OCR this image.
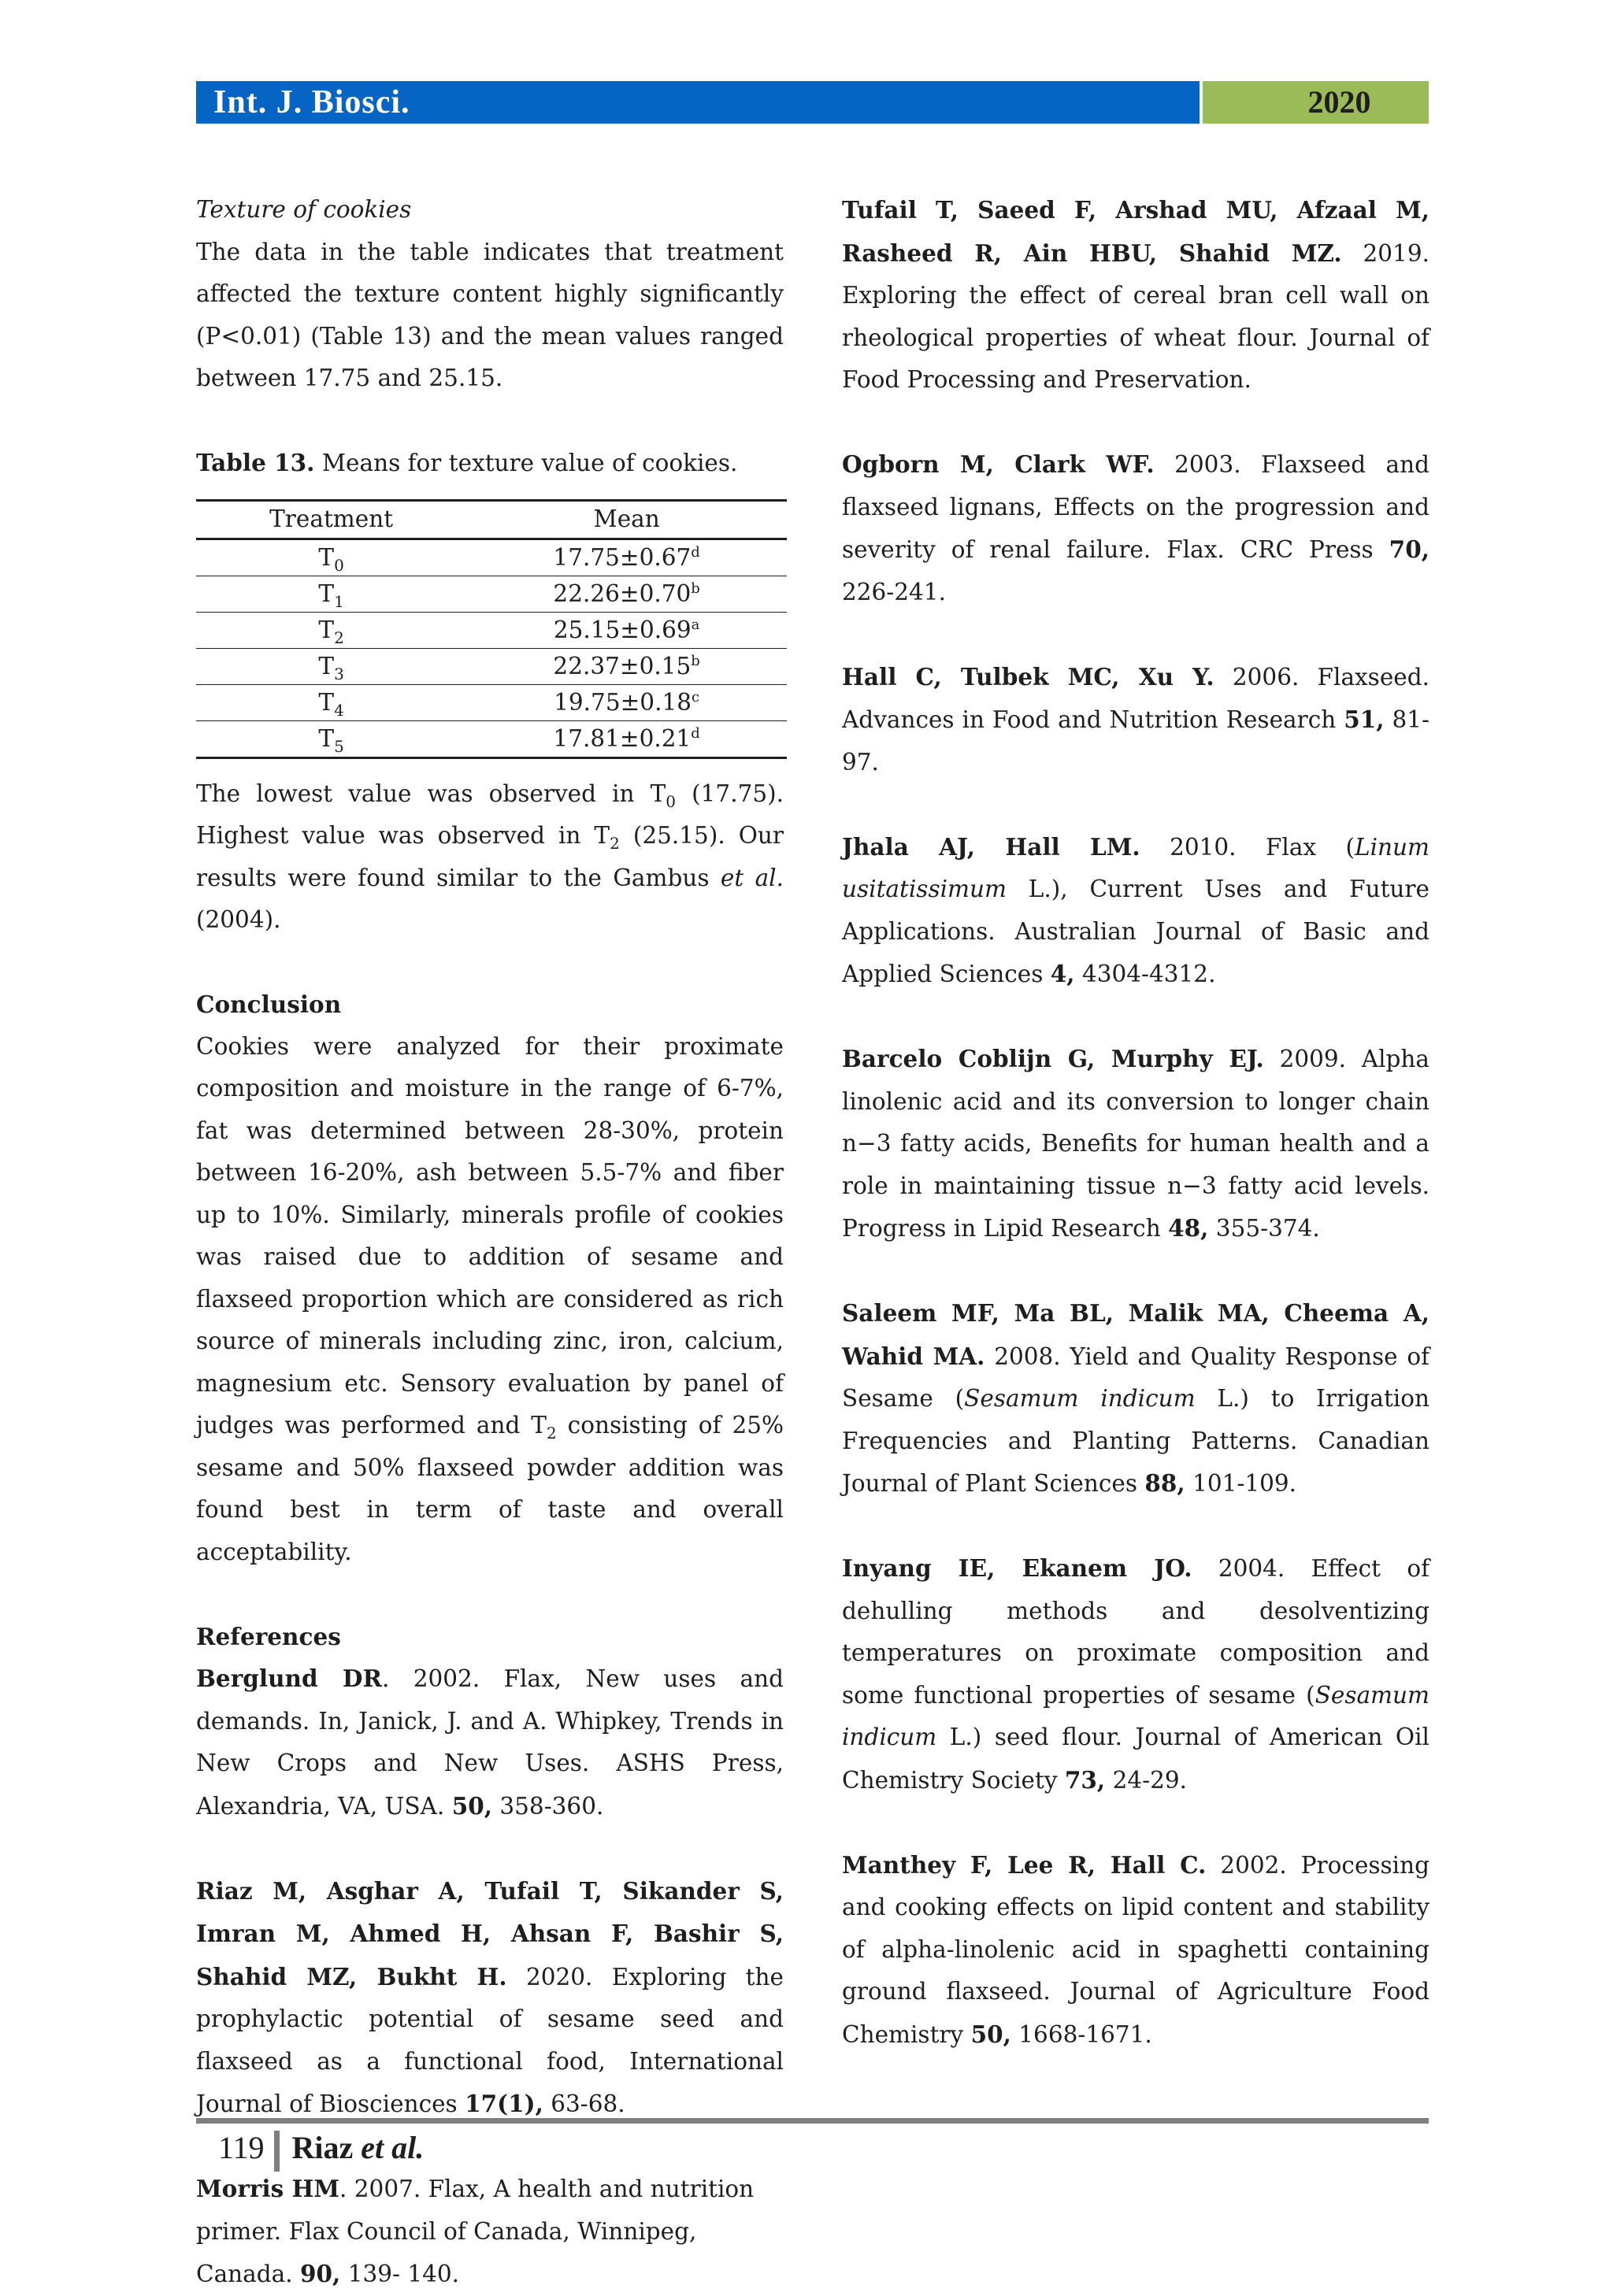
Int. J. Biosci.	2020

Texture of cookies

The data in the table indicates that treatment affected the texture content highly significantly (P<0.01) (Table 13) and the mean values ranged between 17.75 and 25.15.

Table 13. Means for texture value of cookies.

Treatment	Mean
$T_0$	17.75±0.67$^d$
$T_1$	22.26±0.70$^b$
$T_2$	25.15±0.69$^a$
$T_3$	22.37±0.15$^b$
$T_4$	19.75±0.18$^c$
$T_5$	17.81±0.21$^d$

The lowest value was observed in $T_0$ (17.75). Highest value was observed in $T_2$ (25.15). Our results were found similar to the Gambus et al. (2004).

Conclusion

Cookies were analyzed for their proximate composition and moisture in the range of 6-7%, fat was determined between 28-30%, protein between 16-20%, ash between 5.5-7% and fiber up to 10%. Similarly, minerals profile of cookies was raised due to addition of sesame and flaxseed proportion which are considered as rich source of minerals including zinc, iron, calcium, magnesium etc. Sensory evaluation by panel of judges was performed and $T_2$ consisting of 25% sesame and 50% flaxseed powder addition was found best in term of taste and overall acceptability.

References

Berglund DR. 2002. Flax, New uses and demands. In, Janick, J. and A. Whipkey, Trends in New Crops and New Uses. ASHS Press, Alexandria, VA, USA. 50, 358-360.

Riaz M, Asghar A, Tufail T, Sikander S, Imran M, Ahmed H, Ahsan F, Bashir S, Shahid MZ, Bukht H. 2020. Exploring the prophylactic potential of sesame seed and flaxseed as a functional food, International Journal of Biosciences 17(1), 63-68.

Morris HM. 2007. Flax, A health and nutrition primer. Flax Council of Canada, Winnipeg, Canada. 90, 139- 140.

Tufail T, Saeed F, Arshad MU, Afzaal M, Rasheed R, Ain HBU, Shahid MZ. 2019. Exploring the effect of cereal bran cell wall on rheological properties of wheat flour. Journal of Food Processing and Preservation.

Ogborn M, Clark WF. 2003. Flaxseed and flaxseed lignans, Effects on the progression and severity of renal failure. Flax. CRC Press 70, 226-241.

Hall C, Tulbek MC, Xu Y. 2006. Flaxseed. Advances in Food and Nutrition Research 51, 81-97.

Jhala AJ, Hall LM. 2010. Flax (Linum usitatissimum L.), Current Uses and Future Applications. Australian Journal of Basic and Applied Sciences 4, 4304-4312.

Barcelo Coblijn G, Murphy EJ. 2009. Alpha linolenic acid and its conversion to longer chain n−3 fatty acids, Benefits for human health and a role in maintaining tissue n−3 fatty acid levels. Progress in Lipid Research 48, 355-374.

Saleem MF, Ma BL, Malik MA, Cheema A, Wahid MA. 2008. Yield and Quality Response of Sesame (Sesamum indicum L.) to Irrigation Frequencies and Planting Patterns. Canadian Journal of Plant Sciences 88, 101-109.

Inyang IE, Ekanem JO. 2004. Effect of dehulling methods and desolventizing temperatures on proximate composition and some functional properties of sesame (Sesamum indicum L.) seed flour. Journal of American Oil Chemistry Society 73, 24-29.

Manthey F, Lee R, Hall C. 2002. Processing and cooking effects on lipid content and stability of alpha-linolenic acid in spaghetti containing ground flaxseed. Journal of Agriculture Food Chemistry 50, 1668-1671.

119 Riaz et al.
